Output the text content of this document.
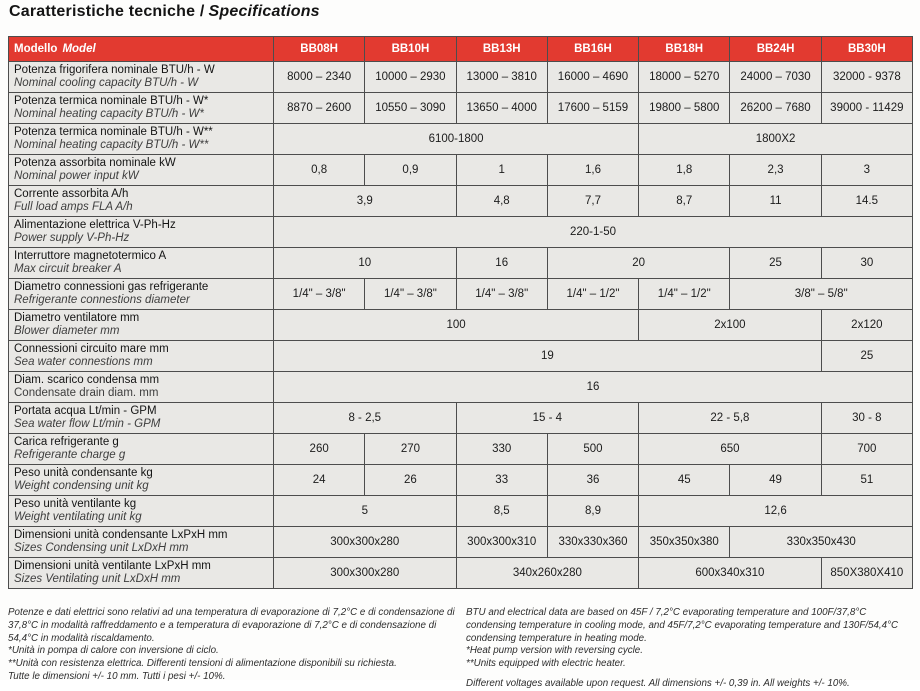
Caratteristiche tecniche / Specifications
Modello Model	BB08H	BB10H	BB13H	BB16H	BB18H	BB24H	BB30H

Potenza frigorifera nominale BTU/h - W
Nominal cooling capacity BTU/h - W	8000 – 2340	10000 – 2930	13000 – 3810	16000 – 4690	18000 – 5270	24000 – 7030	32000 - 9378

Potenza termica nominale BTU/h - W*
Nominal heating capacity BTU/h - W*	8870 – 2600	10550 – 3090	13650 – 4000	17600 – 5159	19800 – 5800	26200 – 7680	39000 - 11429

Potenza termica nominale BTU/h - W**
Nominal heating capacity BTU/h - W**	6100-1800				1800X2		

Potenza assorbita nominale kW
Nominal power input kW	0,8	0,9	1	1,6	1,8	2,3	3

Corrente assorbita A/h
Full load amps FLA A/h	3,9		4,8	7,7	8,7	11	14.5

Alimentazione elettrica V-Ph-Hz
Power supply V-Ph-Hz	220-1-50						

Interruttore magnetotermico A
Max circuit breaker A	10		16	20		25	30

Diametro connessioni gas refrigerante
Refrigerante connestions diameter	1/4" – 3/8"	1/4" – 3/8"	1/4" – 3/8"	1/4" – 1/2"	1/4" – 1/2"	3/8" – 5/8"	

Diametro ventilatore mm
Blower diameter mm	100				2x100		2x120

Connessioni circuito mare mm
Sea water connestions mm	19						25

Diam. scarico condensa mm
Condensate drain diam. mm	16						

Portata acqua Lt/min - GPM
Sea water flow Lt/min - GPM	8 - 2,5		15 - 4		22 - 5,8		30 - 8

Carica refrigerante g
Refrigerante charge g	260	270	330	500	650		700

Peso unità condensante kg
Weight condensing unit kg	24	26	33	36	45	49	51

Peso unità ventilante kg
Weight ventilating unit kg	5		8,5	8,9	12,6		

Dimensioni unità condensante LxPxH mm
Sizes Condensing unit LxDxH mm	300x300x280		300x300x310	330x330x360	350x350x380	330x350x430	

Dimensioni unità ventilante LxPxH mm
Sizes Ventilating unit LxDxH mm	300x300x280		340x260x280		600x340x310		850X380X410

Potenze e dati elettrici sono relativi ad una temperatura di evaporazione di 7,2°C e di condensazione di 37,8°C in modalità raffreddamento e a temperatura di evaporazione di 7,2°C e di condensazione di 54,4°C in modalità riscaldamento.

*Unità in pompa di calore con inversione di ciclo.

**Unità con resistenza elettrica. Differenti tensioni di alimentazione disponibili su richiesta.

Tutte le dimensioni +/- 10 mm. Tutti i pesi +/- 10%.

BTU and electrical data are based on 45F / 7,2°C evaporating temperature and 100F/37,8°C condensing temperature in cooling mode, and 45F/7,2°C evaporating temperature and 130F/54,4°C condensing temperature in heating mode.

*Heat pump version with reversing cycle.

**Units equipped with electric heater.

Different voltages available upon request. All dimensions +/- 0,39 in. All weights +/- 10%.
